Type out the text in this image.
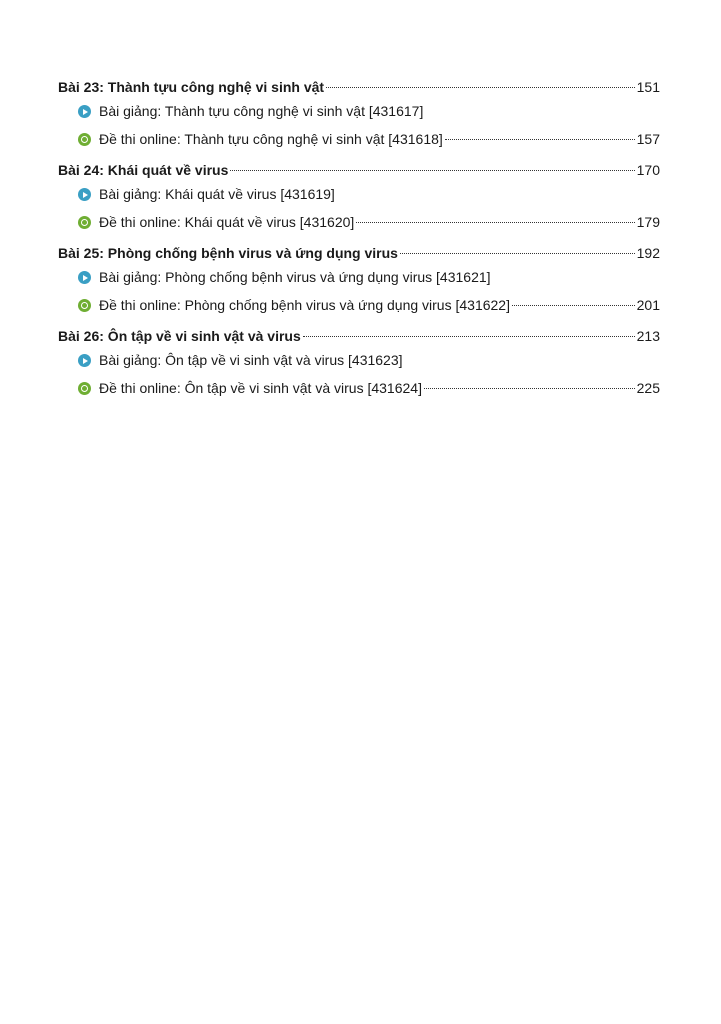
Bài 23: Thành tựu công nghệ vi sinh vật	151
Bài giảng: Thành tựu công nghệ vi sinh vật [431617]
Đề thi online: Thành tựu công nghệ vi sinh vật [431618]	157
Bài 24: Khái quát về virus	170
Bài giảng: Khái quát về virus [431619]
Đề thi online: Khái quát về virus [431620]	179
Bài 25: Phòng chống bệnh virus và ứng dụng virus	192
Bài giảng: Phòng chống bệnh virus và ứng dụng virus [431621]
Đề thi online: Phòng chống bệnh virus và ứng dụng virus [431622]	201
Bài 26: Ôn tập về vi sinh vật và virus	213
Bài giảng: Ôn tập về vi sinh vật và virus [431623]
Đề thi online: Ôn tập về vi sinh vật và virus [431624]	225
